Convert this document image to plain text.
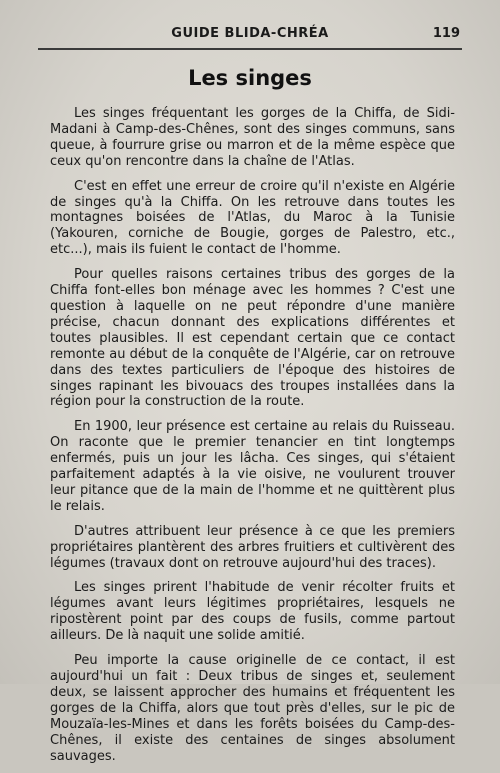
GUIDE BLIDA-CHRÉA	119
Les singes

Les singes fréquentant les gorges de la Chiffa, de Sidi-Madani à Camp-des-Chênes, sont des singes communs, sans queue, à fourrure grise ou marron et de la même espèce que ceux qu'on rencontre dans la chaîne de l'Atlas.

C'est en effet une erreur de croire qu'il n'existe en Algérie de singes qu'à la Chiffa. On les retrouve dans toutes les montagnes boisées de l'Atlas, du Maroc à la Tunisie (Yakouren, corniche de Bougie, gorges de Palestro, etc., etc...), mais ils fuient le contact de l'homme.

Pour quelles raisons certaines tribus des gorges de la Chiffa font-elles bon ménage avec les hommes ? C'est une question à laquelle on ne peut répondre d'une manière précise, chacun donnant des explications différentes et toutes plausibles. Il est cependant certain que ce contact remonte au début de la conquête de l'Algérie, car on retrouve dans des textes particuliers de l'époque des histoires de singes rapinant les bivouacs des troupes installées dans la région pour la construction de la route.

En 1900, leur présence est certaine au relais du Ruisseau. On raconte que le premier tenancier en tint longtemps enfermés, puis un jour les lâcha. Ces singes, qui s'étaient parfaitement adaptés à la vie oisive, ne voulurent trouver leur pitance que de la main de l'homme et ne quittèrent plus le relais.

D'autres attribuent leur présence à ce que les premiers propriétaires plantèrent des arbres fruitiers et cultivèrent des légumes (travaux dont on retrouve aujourd'hui des traces).

Les singes prirent l'habitude de venir récolter fruits et légumes avant leurs légitimes propriétaires, lesquels ne ripostèrent point par des coups de fusils, comme partout ailleurs. De là naquit une solide amitié.

Peu importe la cause originelle de ce contact, il est aujourd'hui un fait : Deux tribus de singes et, seulement deux, se laissent approcher des humains et fréquentent les gorges de la Chiffa, alors que tout près d'elles, sur le pic de Mouzaïa-les-Mines et dans les forêts boisées du Camp-des-Chênes, il existe des centaines de singes absolument sauvages.
